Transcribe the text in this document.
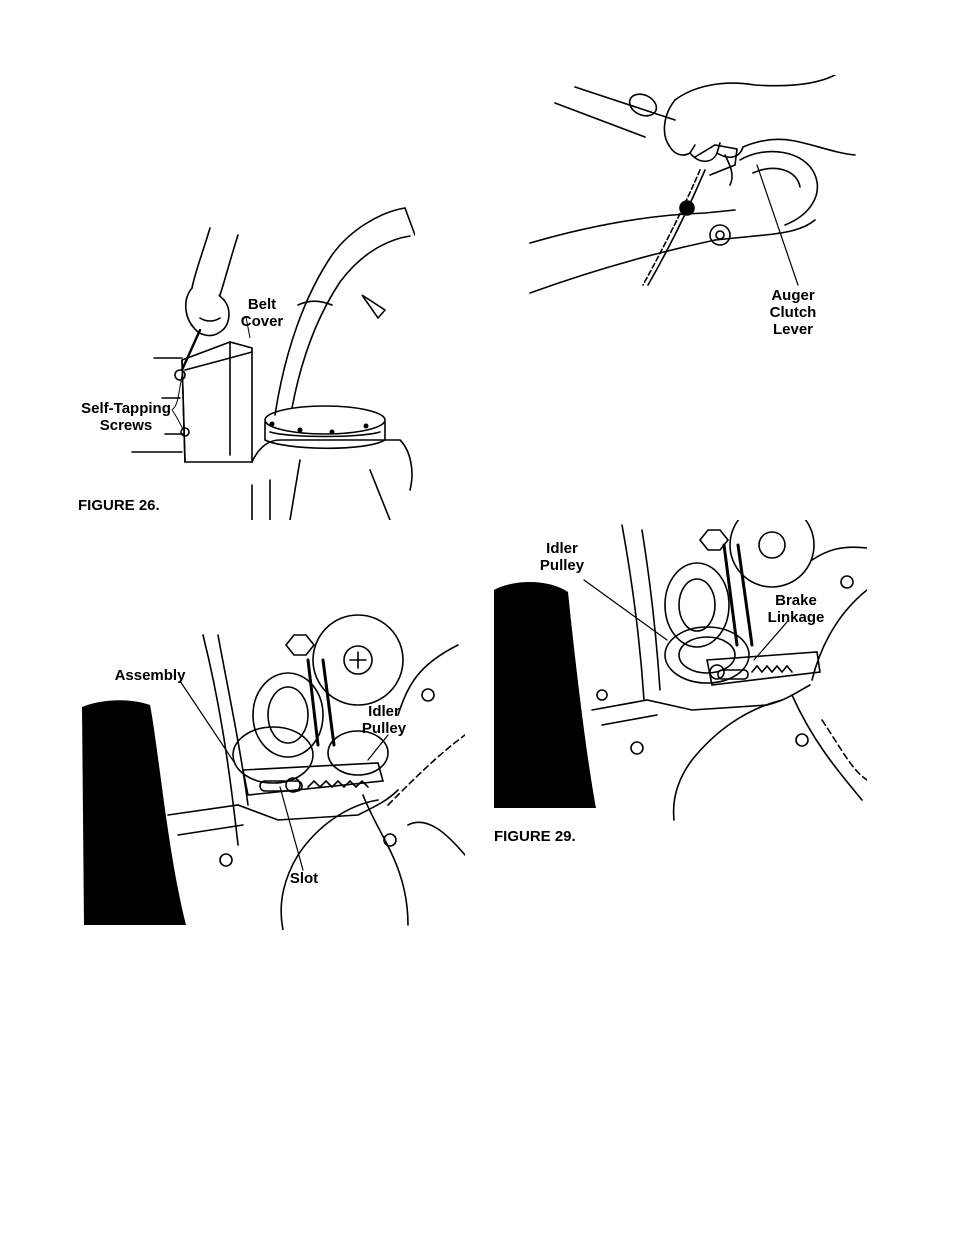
Belt
Cover
Self-Tapping
Screws
FIGURE 26.
Auger
Clutch
Lever
Assembly
Idler
Pulley
Slot
Idler
Pulley
Brake
Linkage
FIGURE 29.
